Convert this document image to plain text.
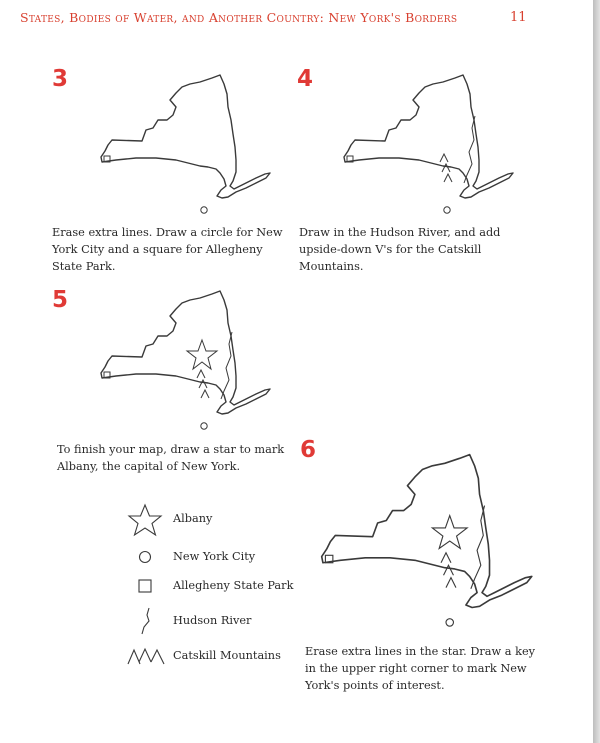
States, Bodies of Water, and Another Country: New York's Borders	11
3
Erase extra lines. Draw a circle for New York City and a square for Allegheny State Park.
4
Draw in the Hudson River, and add upside-down V's for the Catskill Mountains.
5
To finish your map, draw a star to mark Albany, the capital of New York.
Albany
New York City
Allegheny State Park
Hudson River
Catskill Mountains
6
Erase extra lines in the star. Draw a key in the upper right corner to mark New York's points of interest.
